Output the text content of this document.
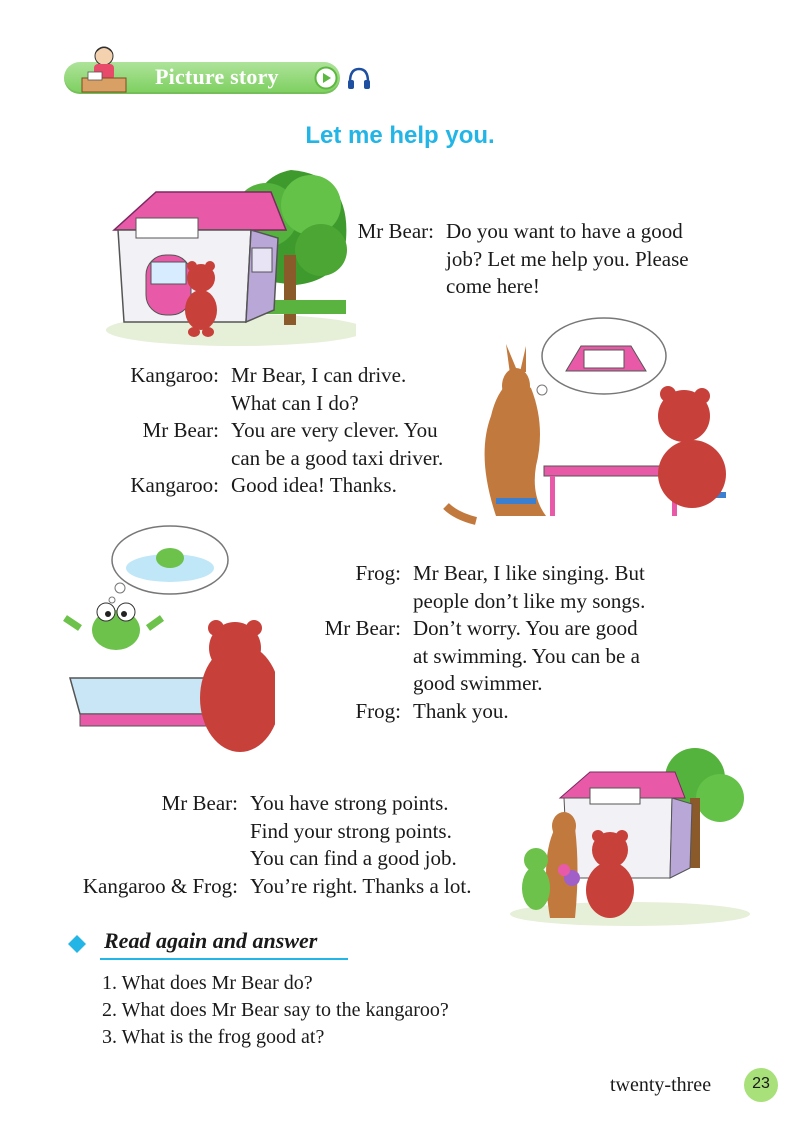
Picture story
Let me help you.
Mr Bear: Do you want to have a good
job? Let me help you. Please
come here!
Kangaroo: Mr Bear, I can drive.
What can I do?
Mr Bear: You are very clever. You
can be a good taxi driver.
Kangaroo: Good idea! Thanks.
Frog: Mr Bear, I like singing. But
people don’t like my songs.
Mr Bear: Don’t worry. You are good
at swimming. You can be a
good swimmer.
Frog: Thank you.
Mr Bear: You have strong points.
Find your strong points.
You can find a good job.
Kangaroo & Frog: You’re right. Thanks a lot.
Read again and answer
1. What does Mr Bear do?
2. What does Mr Bear say to the kangaroo?
3. What is the frog good at?
twenty-three	23
